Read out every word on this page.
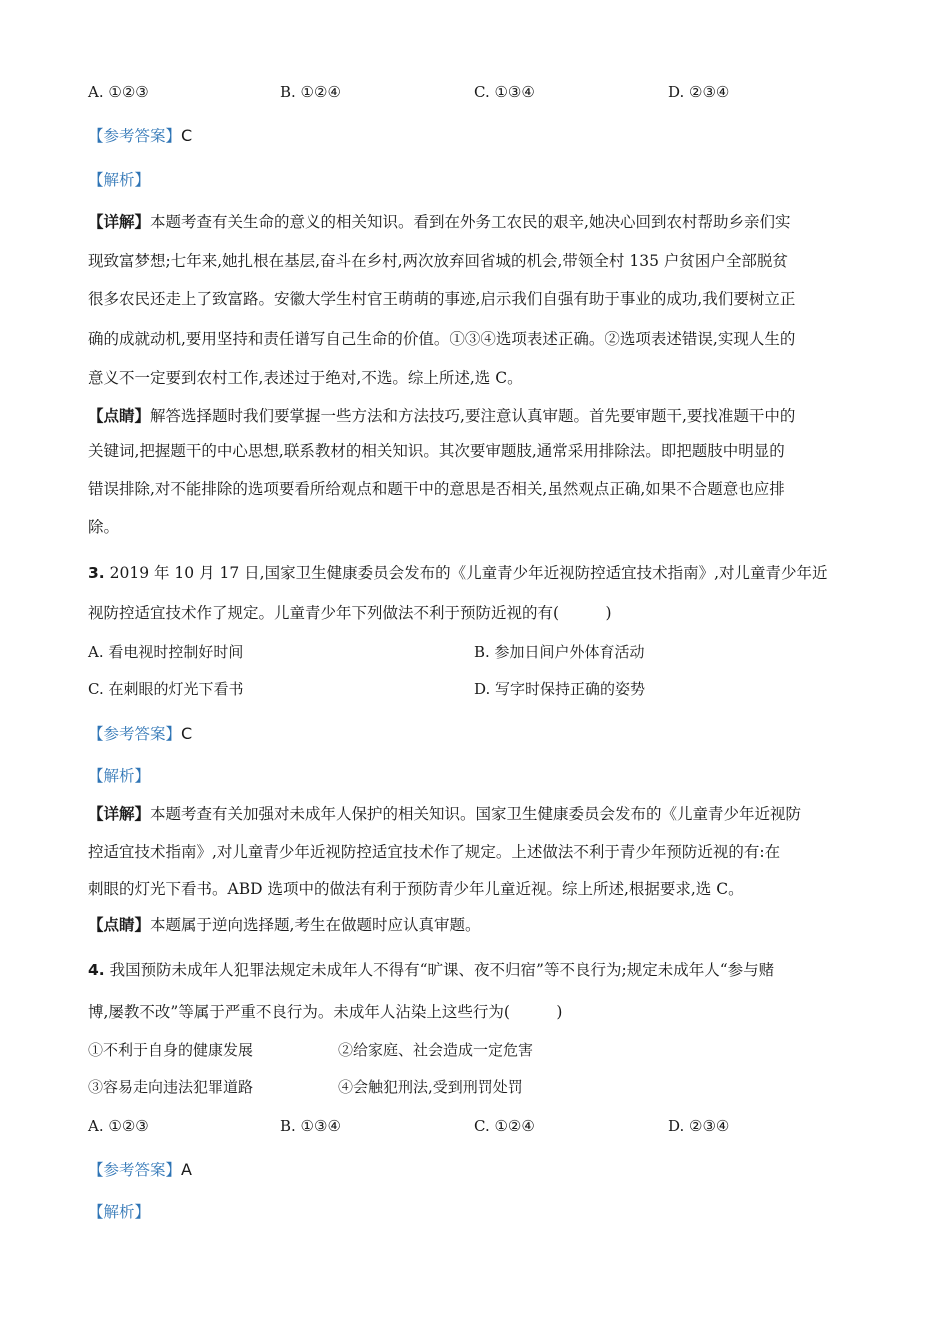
A. ①②③	B. ①②④	C. ①③④	D. ②③④
【参考答案】C
【解析】
【详解】本题考查有关生命的意义的相关知识。看到在外务工农民的艰辛,她决心回到农村帮助乡亲们实
现致富梦想;七年来,她扎根在基层,奋斗在乡村,两次放弃回省城的机会,带领全村 135 户贫困户全部脱贫
很多农民还走上了致富路。安徽大学生村官王萌萌的事迹,启示我们自强有助于事业的成功,我们要树立正
确的成就动机,要用坚持和责任谱写自己生命的价值。①③④选项表述正确。②选项表述错误,实现人生的
意义不一定要到农村工作,表述过于绝对,不选。综上所述,选 C。
【点睛】解答选择题时我们要掌握一些方法和方法技巧,要注意认真审题。首先要审题干,要找准题干中的
关键词,把握题干的中心思想,联系教材的相关知识。其次要审题肢,通常采用排除法。即把题肢中明显的
错误排除,对不能排除的选项要看所给观点和题干中的意思是否相关,虽然观点正确,如果不合题意也应排
除。
3. 2019 年 10 月 17 日,国家卫生健康委员会发布的《儿童青少年近视防控适宜技术指南》,对儿童青少年近
视防控适宜技术作了规定。儿童青少年下列做法不利于预防近视的有(　　　)
A. 看电视时控制好时间	B. 参加日间户外体育活动
C. 在刺眼的灯光下看书	D. 写字时保持正确的姿势
【参考答案】C
【解析】
【详解】本题考查有关加强对未成年人保护的相关知识。国家卫生健康委员会发布的《儿童青少年近视防
控适宜技术指南》,对儿童青少年近视防控适宜技术作了规定。上述做法不利于青少年预防近视的有:在
刺眼的灯光下看书。ABD 选项中的做法有利于预防青少年儿童近视。综上所述,根据要求,选 C。
【点睛】本题属于逆向选择题,考生在做题时应认真审题。
4. 我国预防未成年人犯罪法规定未成年人不得有“旷课、夜不归宿”等不良行为;规定未成年人“参与赌
博,屡教不改”等属于严重不良行为。未成年人沾染上这些行为(　　　)
①不利于自身的健康发展	②给家庭、社会造成一定危害
③容易走向违法犯罪道路	④会触犯刑法,受到刑罚处罚
A. ①②③	B. ①③④	C. ①②④	D. ②③④
【参考答案】A
【解析】
